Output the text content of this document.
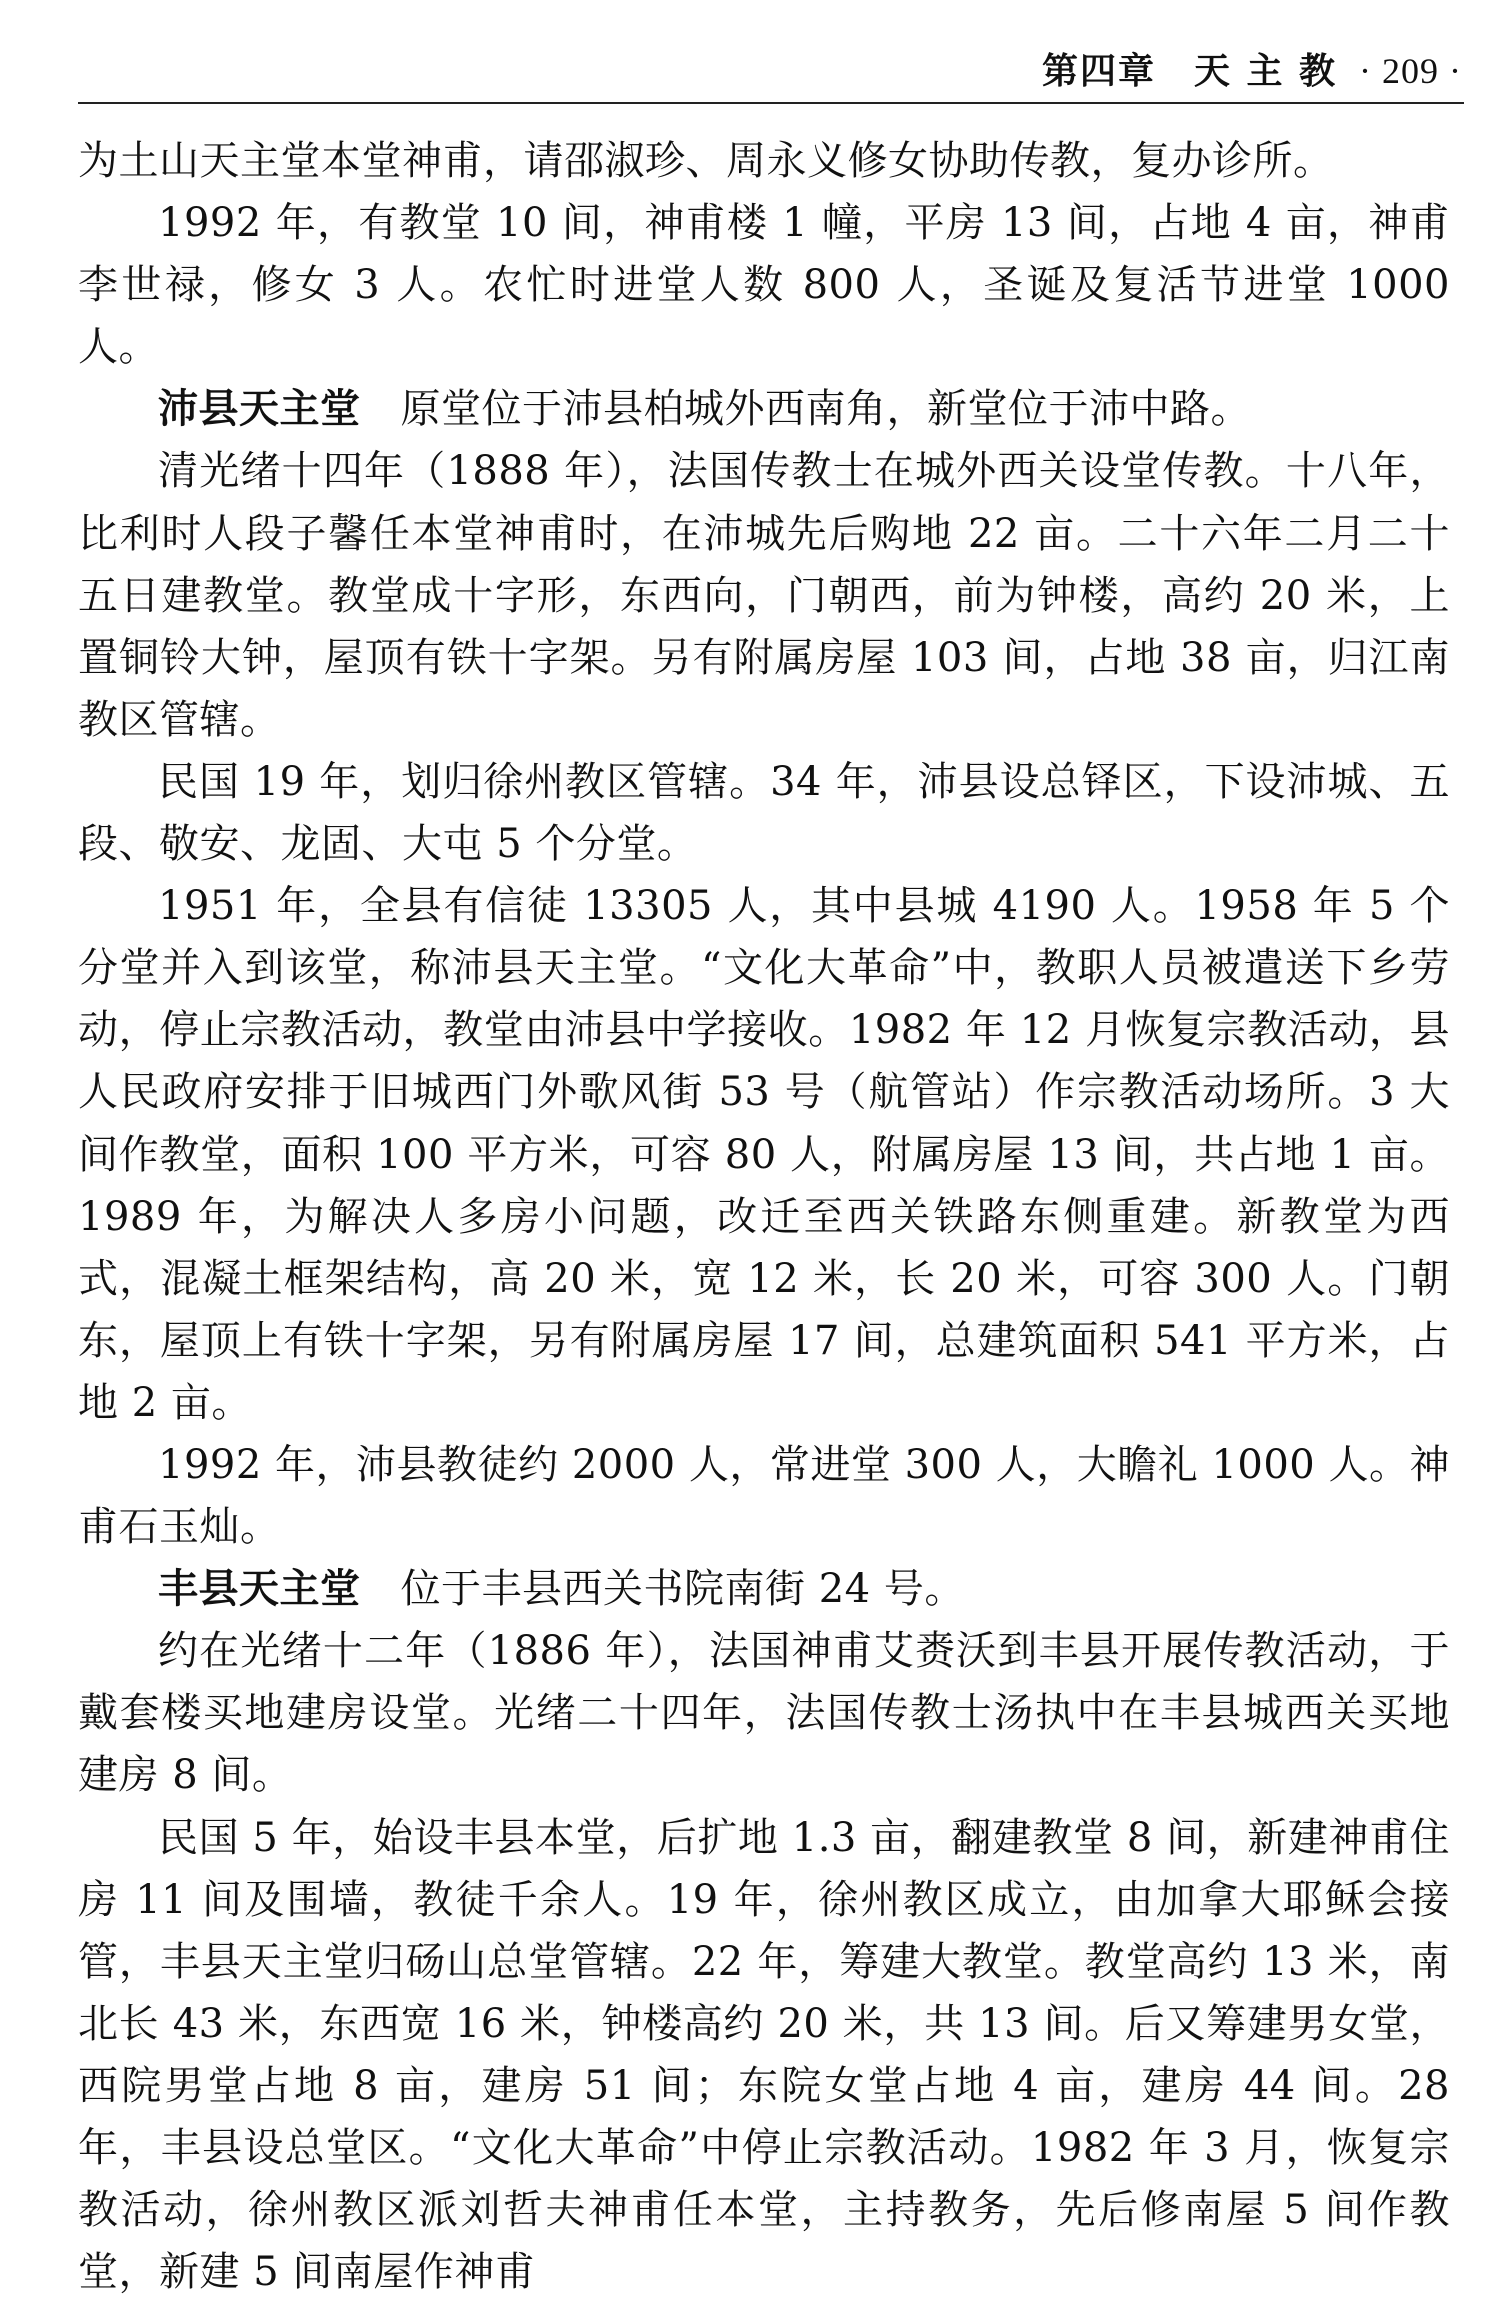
第四章　天 主 教 · 209 ·

为土山天主堂本堂神甫，请邵淑珍、周永义修女协助传教，复办诊所。

1992 年，有教堂 10 间，神甫楼 1 幢，平房 13 间，占地 4 亩，神甫李世禄，修女 3 人。农忙时进堂人数 800 人，圣诞及复活节进堂 1000 人。

沛县天主堂 原堂位于沛县柏城外西南角，新堂位于沛中路。

清光绪十四年（1888 年），法国传教士在城外西关设堂传教。十八年，比利时人段子馨任本堂神甫时，在沛城先后购地 22 亩。二十六年二月二十五日建教堂。教堂成十字形，东西向，门朝西，前为钟楼，高约 20 米，上置铜铃大钟，屋顶有铁十字架。另有附属房屋 103 间，占地 38 亩，归江南教区管辖。

民国 19 年，划归徐州教区管辖。34 年，沛县设总铎区，下设沛城、五段、敬安、龙固、大屯 5 个分堂。

1951 年，全县有信徒 13305 人，其中县城 4190 人。1958 年 5 个分堂并入到该堂，称沛县天主堂。“文化大革命”中，教职人员被遣送下乡劳动，停止宗教活动，教堂由沛县中学接收。1982 年 12 月恢复宗教活动，县人民政府安排于旧城西门外歌风街 53 号（航管站）作宗教活动场所。3 大间作教堂，面积 100 平方米，可容 80 人，附属房屋 13 间，共占地 1 亩。1989 年，为解决人多房小问题，改迁至西关铁路东侧重建。新教堂为西式，混凝土框架结构，高 20 米，宽 12 米，长 20 米，可容 300 人。门朝东，屋顶上有铁十字架，另有附属房屋 17 间，总建筑面积 541 平方米，占地 2 亩。

1992 年，沛县教徒约 2000 人，常进堂 300 人，大瞻礼 1000 人。神甫石玉灿。

丰县天主堂 位于丰县西关书院南街 24 号。

约在光绪十二年（1886 年），法国神甫艾赉沃到丰县开展传教活动，于戴套楼买地建房设堂。光绪二十四年，法国传教士汤执中在丰县城西关买地建房 8 间。

民国 5 年，始设丰县本堂，后扩地 1.3 亩，翻建教堂 8 间，新建神甫住房 11 间及围墙，教徒千余人。19 年，徐州教区成立，由加拿大耶稣会接管，丰县天主堂归砀山总堂管辖。22 年，筹建大教堂。教堂高约 13 米，南北长 43 米，东西宽 16 米，钟楼高约 20 米，共 13 间。后又筹建男女堂，西院男堂占地 8 亩，建房 51 间；东院女堂占地 4 亩，建房 44 间。28 年，丰县设总堂区。“文化大革命”中停止宗教活动。1982 年 3 月，恢复宗教活动，徐州教区派刘哲夫神甫任本堂，主持教务，先后修南屋 5 间作教堂，新建 5 间南屋作神甫
